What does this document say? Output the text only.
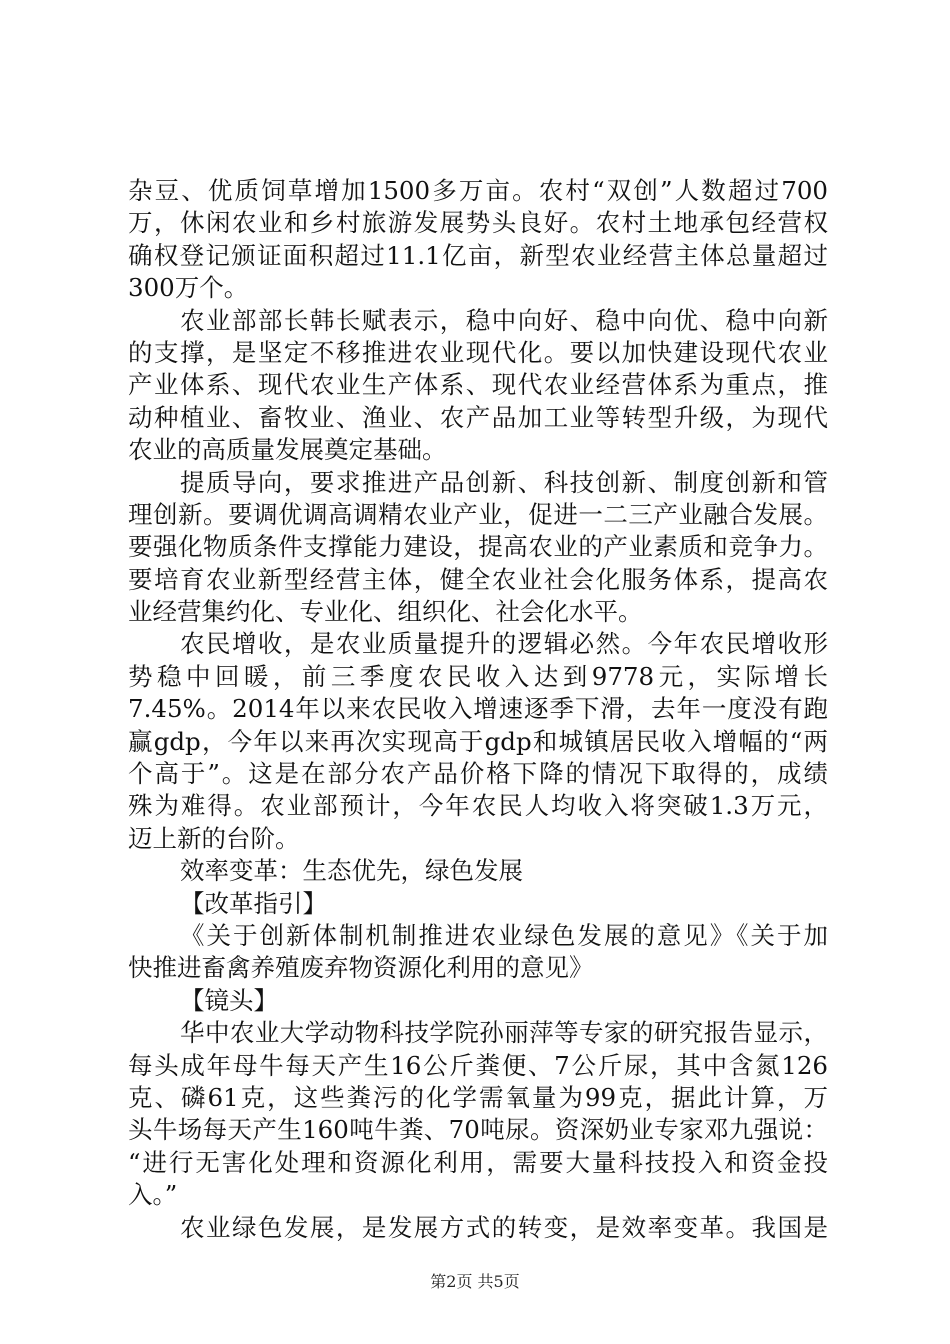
杂豆、优质饲草增加1500多万亩。农村“双创”人数超过700
万，休闲农业和乡村旅游发展势头良好。农村土地承包经营权
确权登记颁证面积超过11.1亿亩，新型农业经营主体总量超过
300万个。
农业部部长韩长赋表示，稳中向好、稳中向优、稳中向新
的支撑，是坚定不移推进农业现代化。要以加快建设现代农业
产业体系、现代农业生产体系、现代农业经营体系为重点，推
动种植业、畜牧业、渔业、农产品加工业等转型升级，为现代
农业的高质量发展奠定基础。
提质导向，要求推进产品创新、科技创新、制度创新和管
理创新。要调优调高调精农业产业，促进一二三产业融合发展。
要强化物质条件支撑能力建设，提高农业的产业素质和竞争力。
要培育农业新型经营主体，健全农业社会化服务体系，提高农
业经营集约化、专业化、组织化、社会化水平。
农民增收，是农业质量提升的逻辑必然。今年农民增收形
势稳中回暖，前三季度农民收入达到9778元，实际增长
7.45%。2014年以来农民收入增速逐季下滑，去年一度没有跑
赢gdp，今年以来再次实现高于gdp和城镇居民收入增幅的“两
个高于”。这是在部分农产品价格下降的情况下取得的，成绩
殊为难得。农业部预计，今年农民人均收入将突破1.3万元，
迈上新的台阶。
效率变革：生态优先，绿色发展
【改革指引】
《关于创新体制机制推进农业绿色发展的意见》《关于加
快推进畜禽养殖废弃物资源化利用的意见》
【镜头】
华中农业大学动物科技学院孙丽萍等专家的研究报告显示，
每头成年母牛每天产生16公斤粪便、7公斤尿，其中含氮126
克、磷61克，这些粪污的化学需氧量为99克，据此计算，万
头牛场每天产生160吨牛粪、70吨尿。资深奶业专家邓九强说：
“进行无害化处理和资源化利用，需要大量科技投入和资金投
入。”
农业绿色发展，是发展方式的转变，是效率变革。我国是
第2页 共5页
